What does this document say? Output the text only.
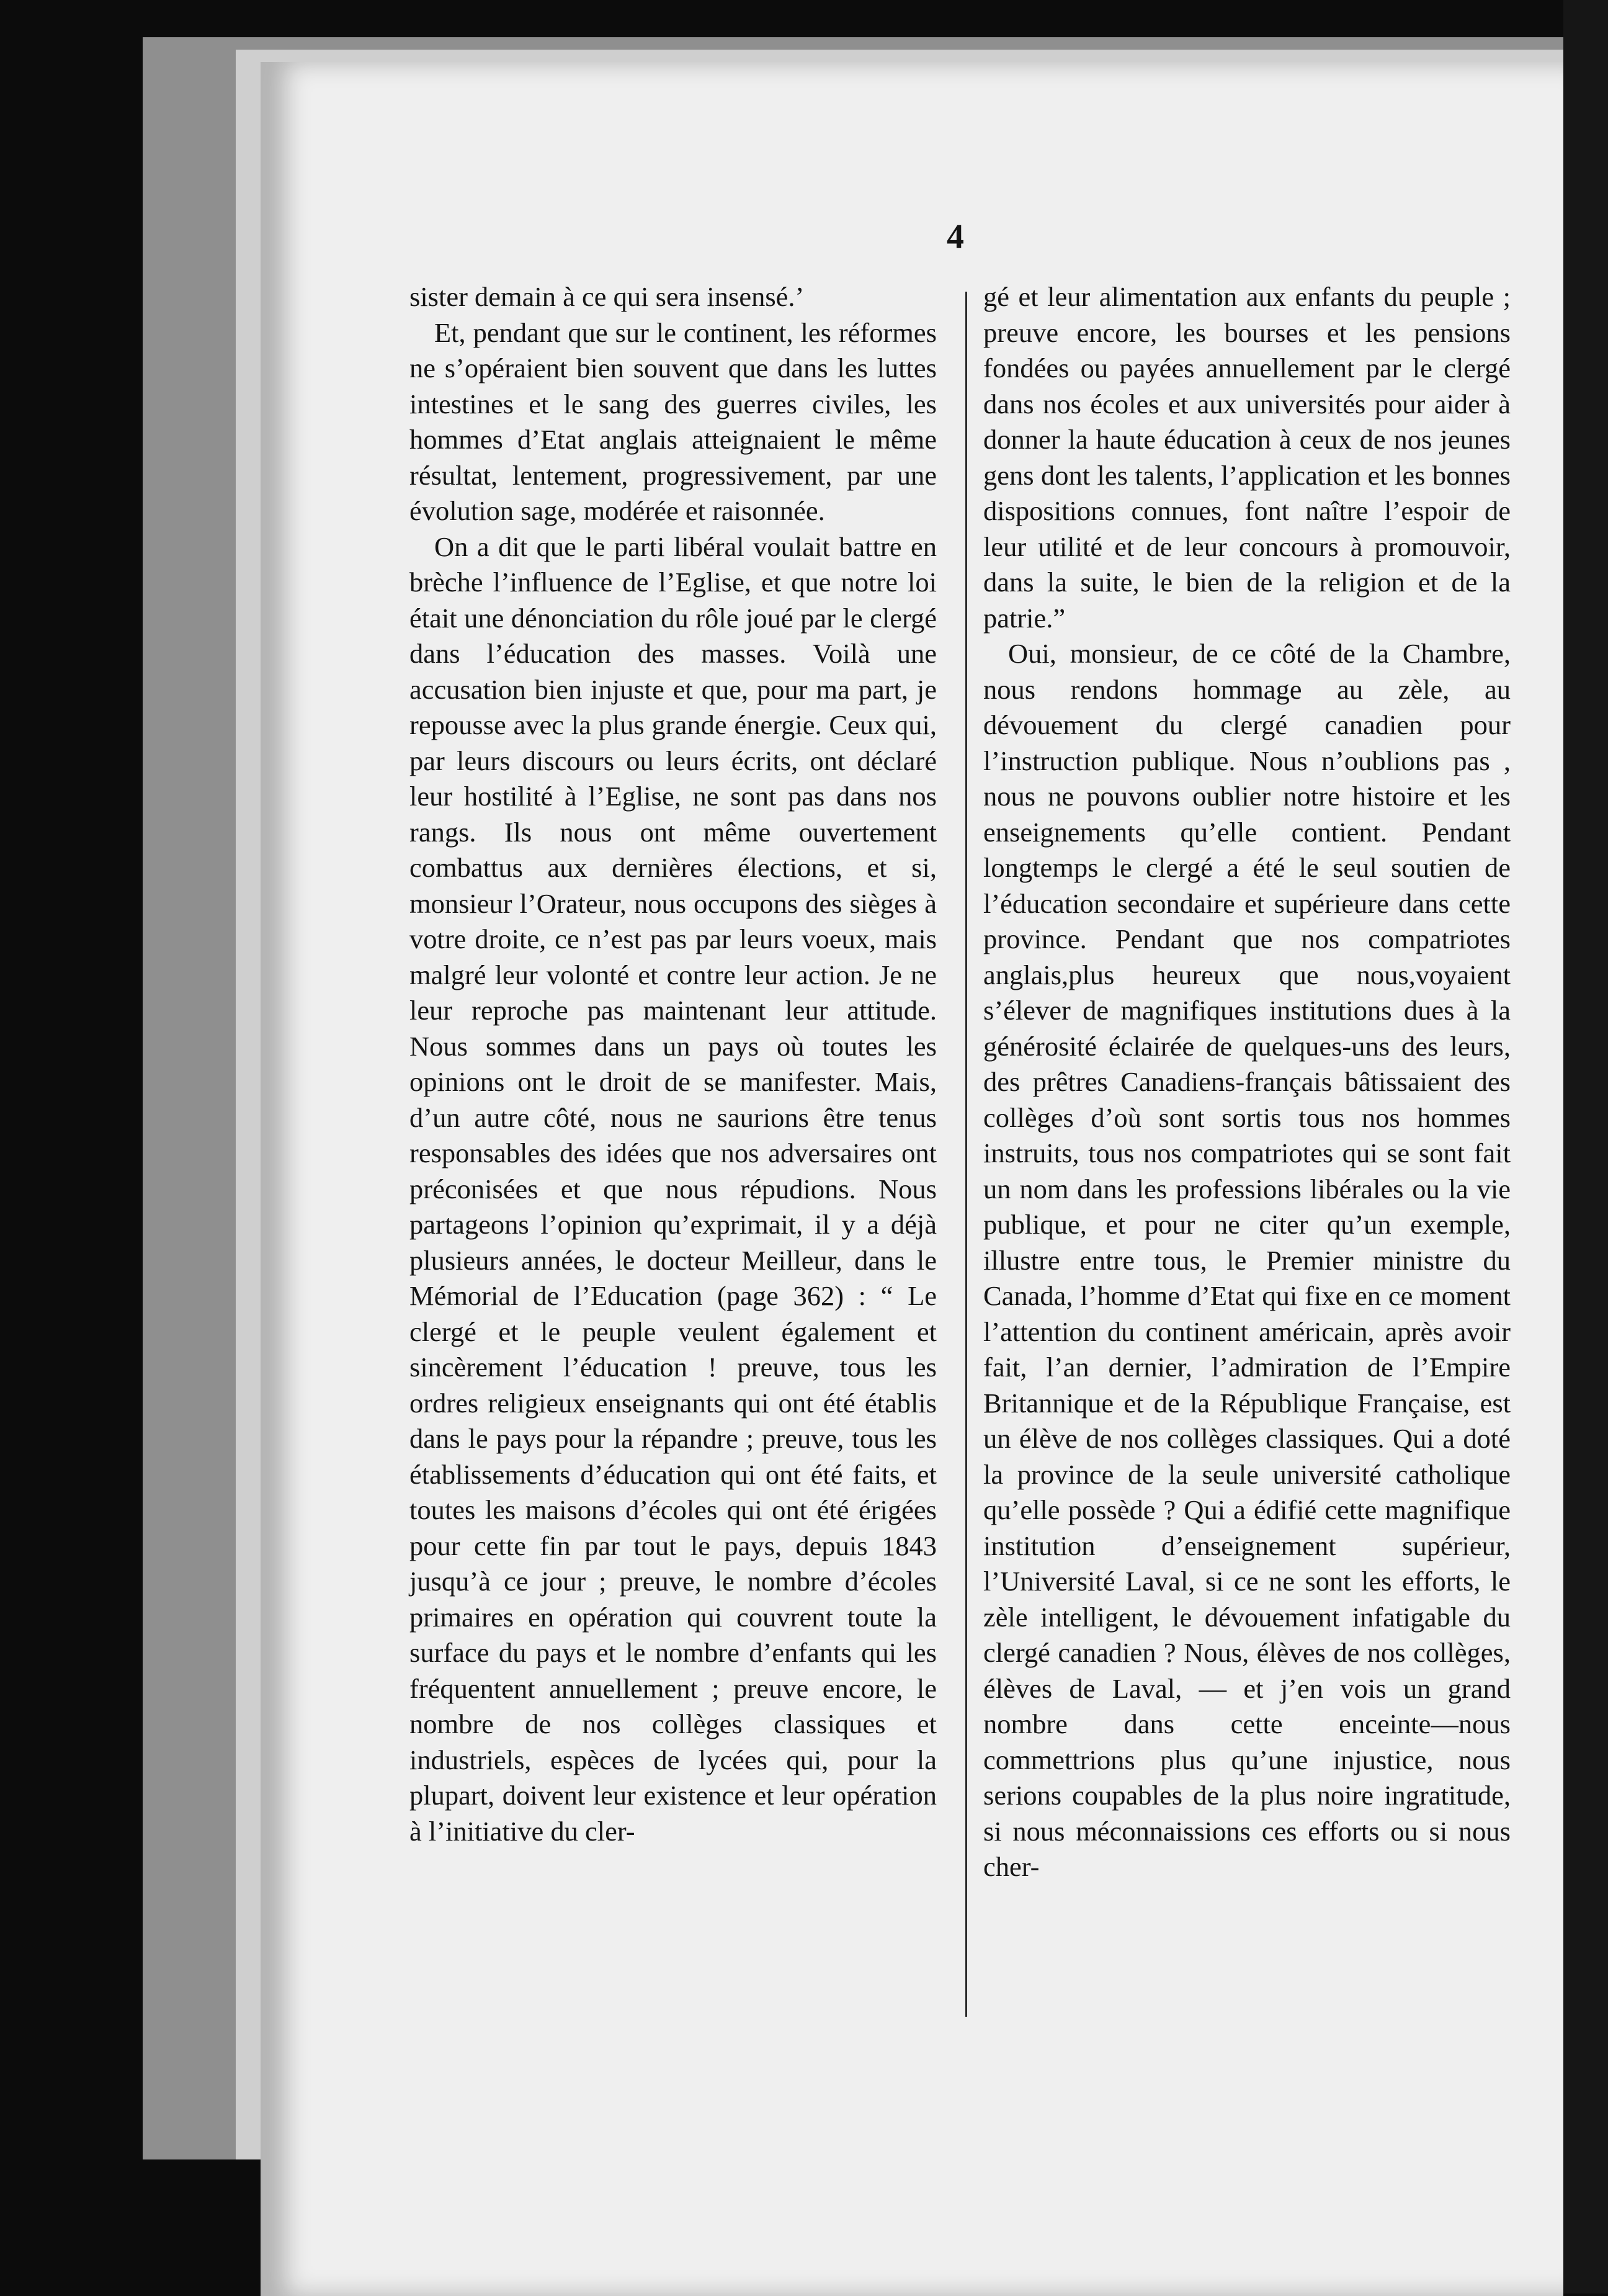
4

sister demain à ce qui sera insensé.’

Et, pendant que sur le continent, les réformes ne s’opéraient bien souvent que dans les luttes intestines et le sang des guerres civiles, les hommes d’Etat anglais atteignaient le même résultat, lentement, progressivement, par une évolution sage, modérée et raisonnée.

On a dit que le parti libéral voulait battre en brèche l’influence de l’Eglise, et que notre loi était une dénonciation du rôle joué par le clergé dans l’éducation des masses. Voilà une accusation bien injuste et que, pour ma part, je repousse avec la plus grande énergie. Ceux qui, par leurs discours ou leurs écrits, ont déclaré leur hostilité à l’Eglise, ne sont pas dans nos rangs. Ils nous ont même ouvertement combattus aux dernières élections, et si, monsieur l’Orateur, nous occupons des sièges à votre droite, ce n’est pas par leurs voeux, mais malgré leur volonté et contre leur action. Je ne leur reproche pas maintenant leur attitude. Nous sommes dans un pays où toutes les opinions ont le droit de se manifester. Mais, d’un autre côté, nous ne saurions être tenus responsables des idées que nos adversaires ont préconisées et que nous répudions. Nous partageons l’opinion qu’exprimait, il y a déjà plusieurs années, le docteur Meilleur, dans le Mémorial de l’Education (page 362) : “ Le clergé et le peuple veulent également et sincèrement l’éducation ! preuve, tous les ordres religieux enseignants qui ont été établis dans le pays pour la répandre ; preuve, tous les établissements d’éducation qui ont été faits, et toutes les maisons d’écoles qui ont été érigées pour cette fin par tout le pays, depuis 1843 jusqu’à ce jour ; preuve, le nombre d’écoles primaires en opération qui couvrent toute la surface du pays et le nombre d’enfants qui les fréquentent annuellement ; preuve encore, le nombre de nos collèges classiques et industriels, espèces de lycées qui, pour la plupart, doivent leur existence et leur opération à l’initiative du cler-

gé et leur alimentation aux enfants du peuple ; preuve encore, les bourses et les pensions fondées ou payées annuellement par le clergé dans nos écoles et aux universités pour aider à donner la haute éducation à ceux de nos jeunes gens dont les talents, l’application et les bonnes dispositions connues, font naître l’espoir de leur utilité et de leur concours à promouvoir, dans la suite, le bien de la religion et de la patrie.”

Oui, monsieur, de ce côté de la Chambre, nous rendons hommage au zèle, au dévouement du clergé canadien pour l’instruction publique. Nous n’oublions pas , nous ne pouvons oublier notre histoire et les enseignements qu’elle contient. Pendant longtemps le clergé a été le seul soutien de l’éducation secondaire et supérieure dans cette province. Pendant que nos compatriotes anglais,plus heureux que nous,voyaient s’élever de magnifiques institutions dues à la générosité éclairée de quelques-uns des leurs, des prêtres Canadiens-français bâtissaient des collèges d’où sont sortis tous nos hommes instruits, tous nos compatriotes qui se sont fait un nom dans les professions libérales ou la vie publique, et pour ne citer qu’un exemple, illustre entre tous, le Premier ministre du Canada, l’homme d’Etat qui fixe en ce moment l’attention du continent américain, après avoir fait, l’an dernier, l’admiration de l’Empire Britannique et de la République Française, est un élève de nos collèges classiques. Qui a doté la province de la seule université catholique qu’elle possède ? Qui a édifié cette magnifique institution d’enseignement supérieur, l’Université Laval, si ce ne sont les efforts, le zèle intelligent, le dévouement infatigable du clergé canadien ? Nous, élèves de nos collèges, élèves de Laval, — et j’en vois un grand nombre dans cette enceinte—nous commettrions plus qu’une injustice, nous serions coupables de la plus noire ingratitude, si nous méconnaissions ces efforts ou si nous cher-
